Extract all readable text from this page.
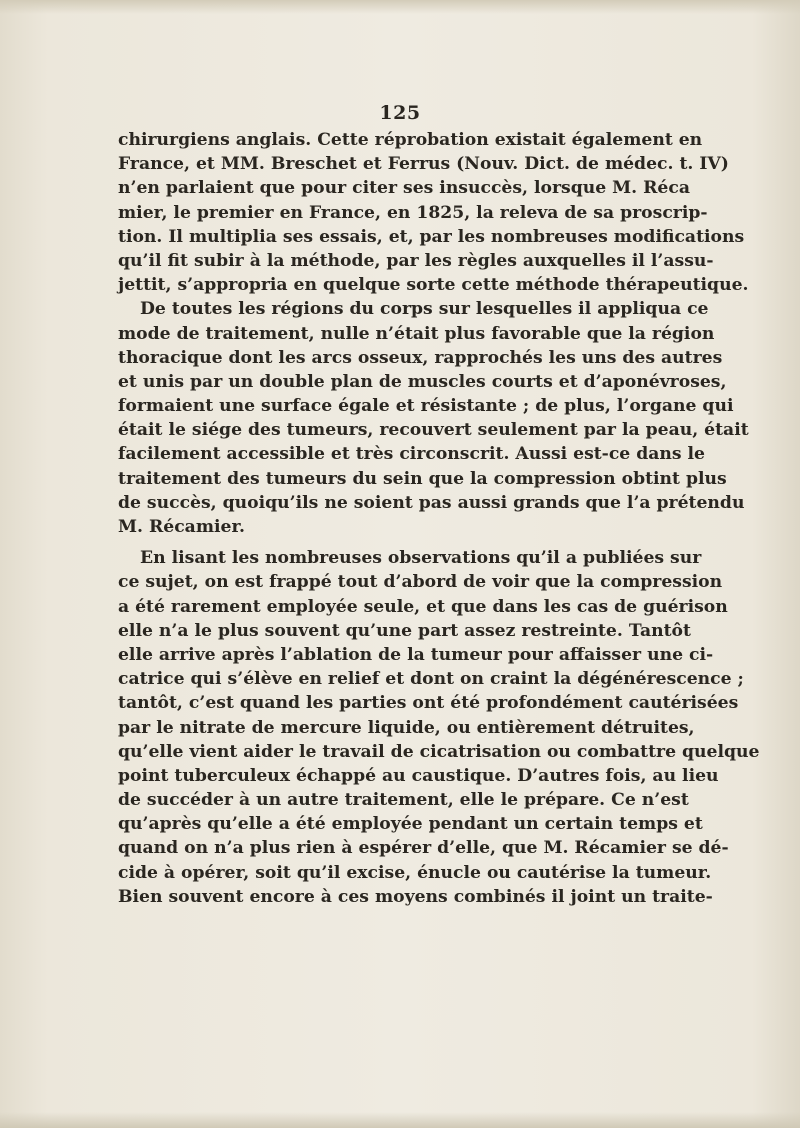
125
chirurgiens anglais. Cette réprobation existait également en
France, et MM. Breschet et Ferrus (Nouv. Dict. de médec. t. IV)
n’en parlaient que pour citer ses insuccès, lorsque M. Réca
mier, le premier en France, en 1825, la releva de sa proscrip-
tion. Il multiplia ses essais, et, par les nombreuses modifications
qu’il fit subir à la méthode, par les règles auxquelles il l’assu-
jettit, s’appropria en quelque sorte cette méthode thérapeutique.
De toutes les régions du corps sur lesquelles il appliqua ce
mode de traitement, nulle n’était plus favorable que la région
thoracique dont les arcs osseux, rapprochés les uns des autres
et unis par un double plan de muscles courts et d’aponévroses,
formaient une surface égale et résistante ; de plus, l’organe qui
était le siége des tumeurs, recouvert seulement par la peau, était
facilement accessible et très circonscrit. Aussi est-ce dans le
traitement des tumeurs du sein que la compression obtint plus
de succès, quoiqu’ils ne soient pas aussi grands que l’a prétendu
M. Récamier.
En lisant les nombreuses observations qu’il a publiées sur
ce sujet, on est frappé tout d’abord de voir que la compression
a été rarement employée seule, et que dans les cas de guérison
elle n’a le plus souvent qu’une part assez restreinte. Tantôt
elle arrive après l’ablation de la tumeur pour affaisser une ci-
catrice qui s’élève en relief et dont on craint la dégénérescence ;
tantôt, c’est quand les parties ont été profondément cautérisées
par le nitrate de mercure liquide, ou entièrement détruites,
qu’elle vient aider le travail de cicatrisation ou combattre quelque
point tuberculeux échappé au caustique. D’autres fois, au lieu
de succéder à un autre traitement, elle le prépare. Ce n’est
qu’après qu’elle a été employée pendant un certain temps et
quand on n’a plus rien à espérer d’elle, que M. Récamier se dé-
cide à opérer, soit qu’il excise, énucle ou cautérise la tumeur.
Bien souvent encore à ces moyens combinés il joint un traite-
